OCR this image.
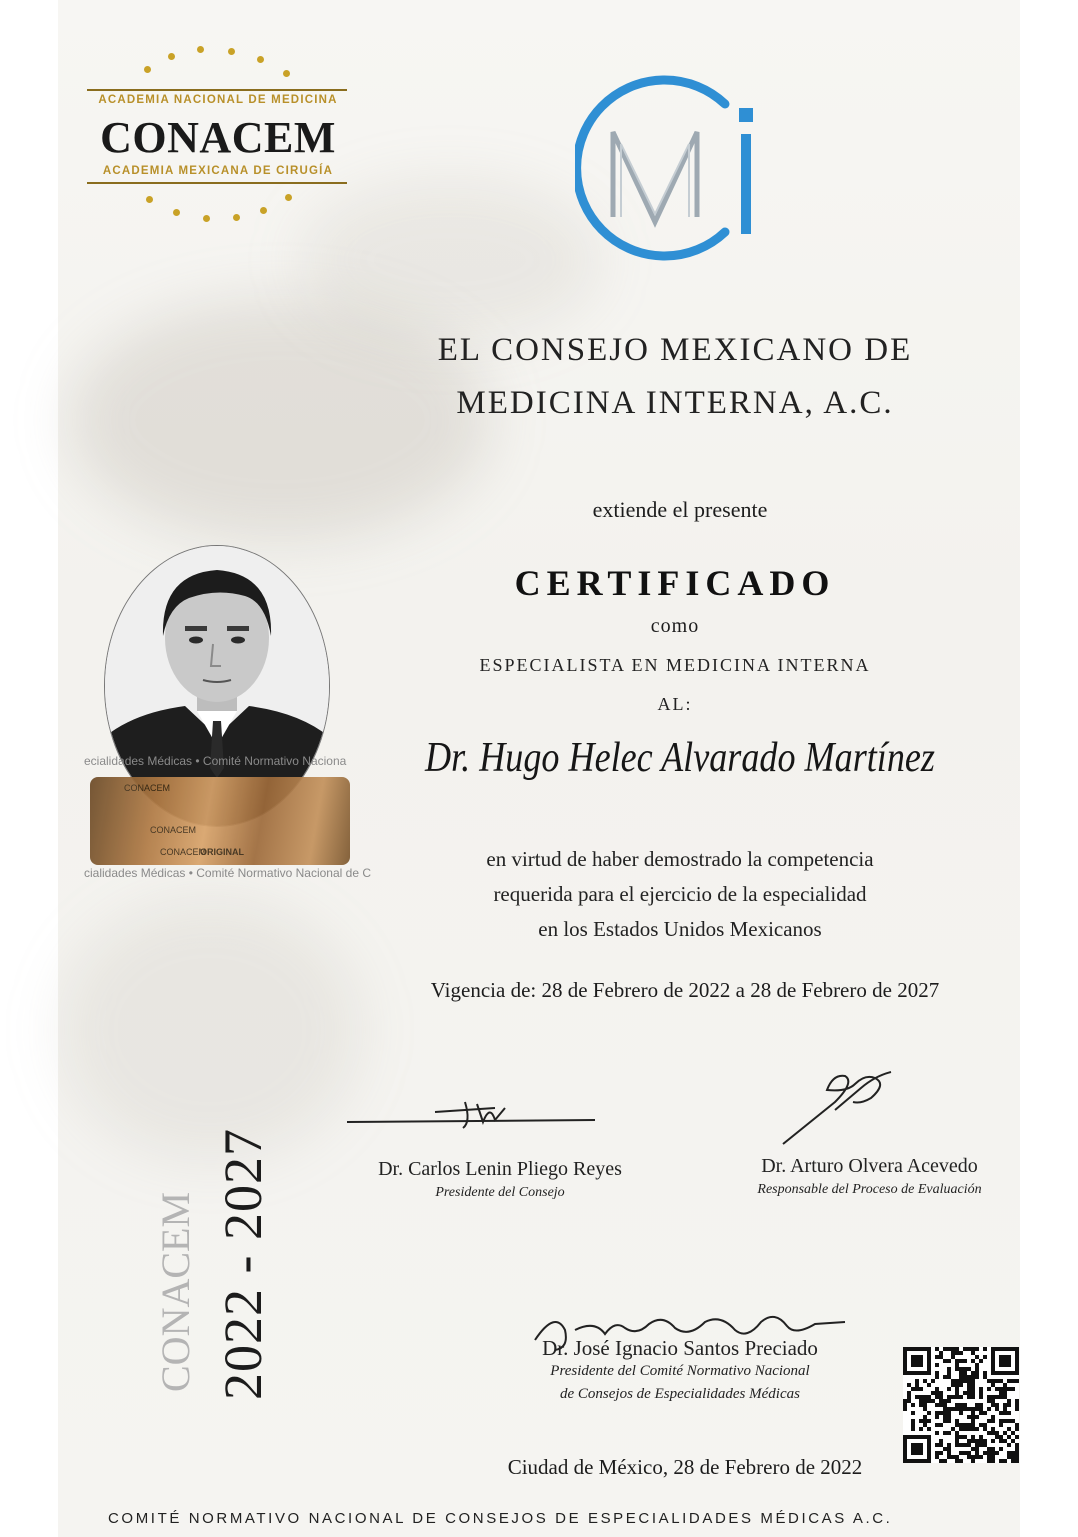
ACADEMIA NACIONAL DE MEDICINA
CONACEM
ACADEMIA MEXICANA DE CIRUGÍA
EL CONSEJO MEXICANO DE
MEDICINA INTERNA, A.C.
extiende el presente
CERTIFICADO
como
ESPECIALISTA EN MEDICINA INTERNA
AL:
Dr. Hugo Helec Alvarado Martínez
en virtud de haber demostrado la competencia
requerida para el ejercicio de la especialidad
en los Estados Unidos Mexicanos
Vigencia de: 28 de Febrero de 2022 a 28 de Febrero de 2027
ecialidades Médicas • Comité Normativo Naciona
CONACEM
CONACEM
CONACEM
ORIGINAL
cialidades Médicas • Comité Normativo Nacional de C
CONACEM 2022 - 2027	Dr. Carlos Lenin Pliego Reyes
Presidente del Consejo
Dr. Arturo Olvera Acevedo
Responsable del Proceso de Evaluación
Dr. José Ignacio Santos Preciado
Presidente del Comité Normativo Nacional
de Consejos de Especialidades Médicas
Ciudad de México, 28 de Febrero de 2022
COMITÉ NORMATIVO NACIONAL DE CONSEJOS DE ESPECIALIDADES MÉDICAS A.C.
